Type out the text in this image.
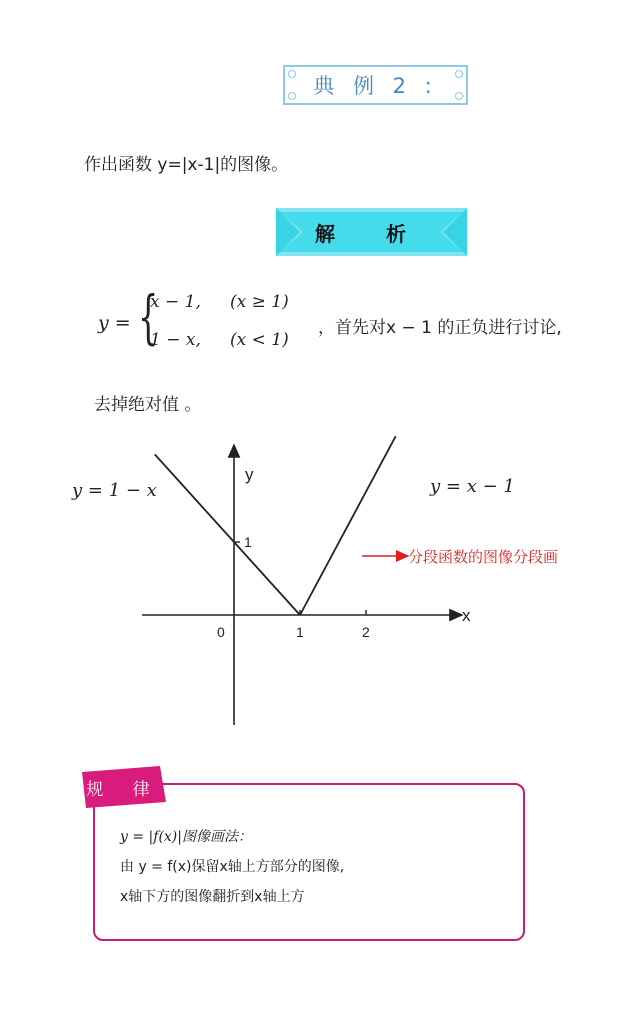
典 例 2 :
作出函数 y=|x-1|的图像。
解 析
y = {
x − 1, (x ≥ 1)
1 − x, (x < 1)
，首先对x − 1 的正负进行讨论,
去掉绝对值 。
0	1	2
1
y = 1 − x	y = x − 1
y
x
分段函数的图像分段画
规 律
y = |f(x)|图像画法：
由 y = f(x)保留x轴上方部分的图像,
x轴下方的图像翻折到x轴上方
